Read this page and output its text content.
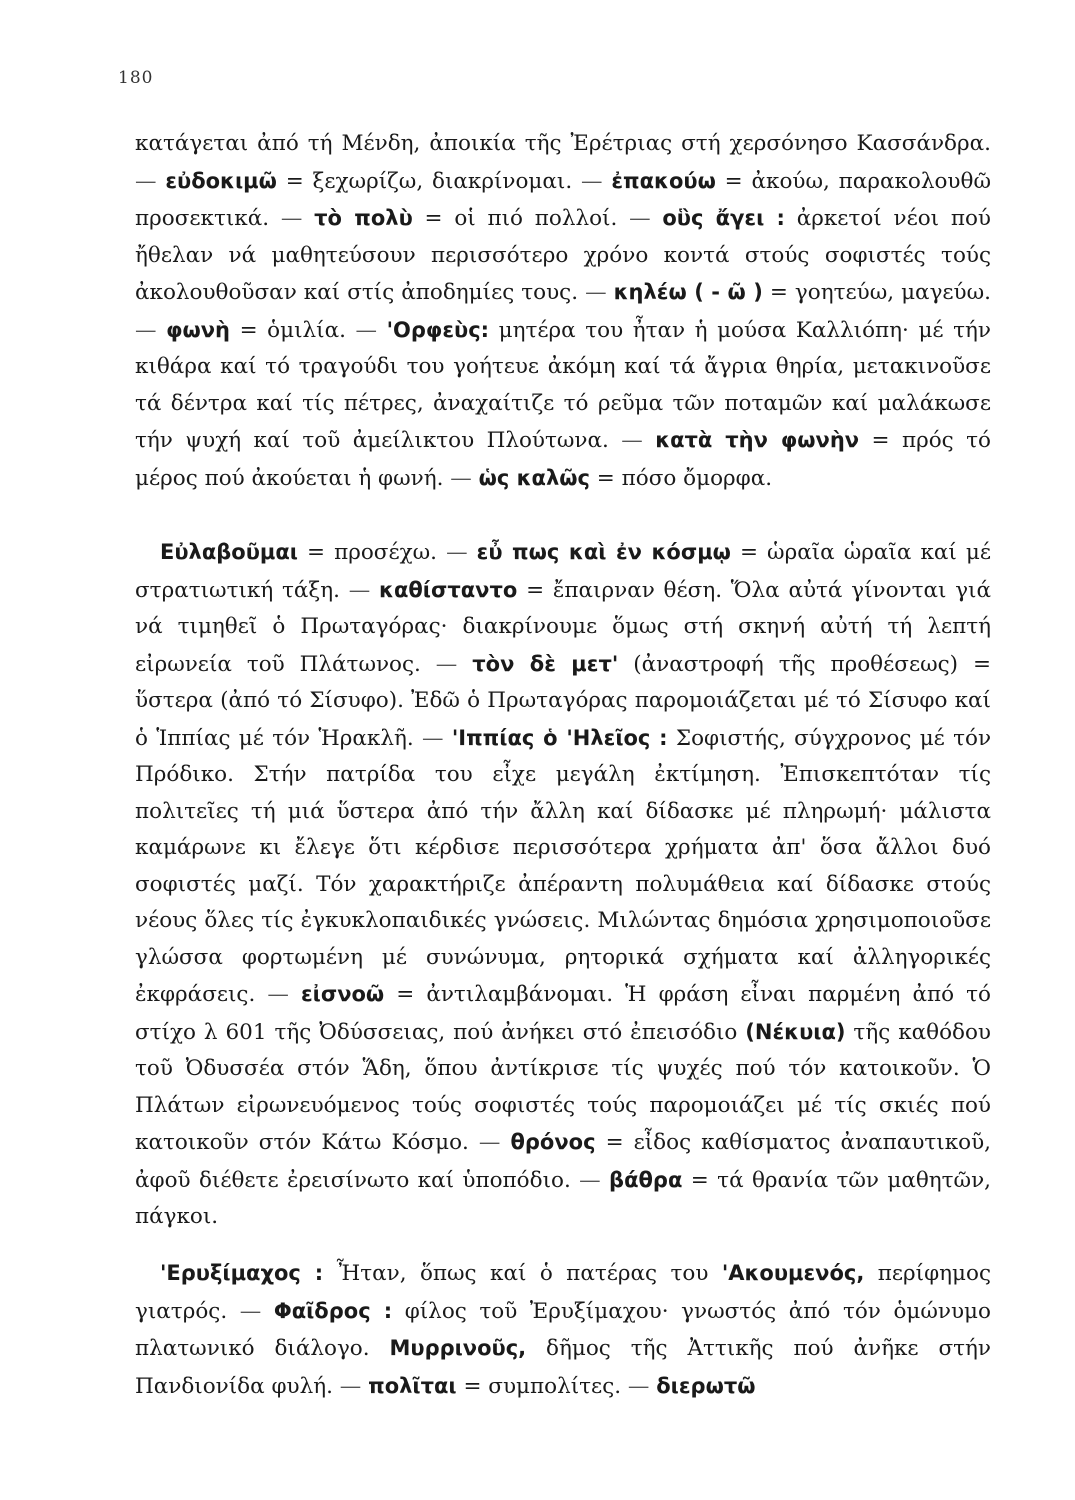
180
κατάγεται ἀπό τή Μένδη, ἀποικία τῆς Ἐρέτριας στή χερσόνησο Κασσάνδρα. — εὐδοκιμῶ = ξεχωρίζω, διακρίνομαι. — ἐπακούω = ἀκούω, παρακολουθῶ προσεκτικά. — τὸ πολὺ = οἱ πιό πολλοί. — οὓς ἄγει : ἀρκετοί νέοι πού ἤθελαν νά μαθητεύσουν περισσότερο χρόνο κοντά στούς σοφιστές τούς ἀκολουθοῦσαν καί στίς ἀποδημίες τους. — κηλέω ( - ῶ ) = γοητεύω, μαγεύω. — φωνὴ = ὁμιλία. — 'Ορφεὺς: μητέρα του ἦταν ἡ μούσα Καλλιόπη· μέ τήν κιθάρα καί τό τραγούδι του γοήτευε ἀκόμη καί τά ἄγρια θηρία, μετακινοῦσε τά δέντρα καί τίς πέτρες, ἀναχαίτιζε τό ρεῦμα τῶν ποταμῶν καί μαλάκωσε τήν ψυχή καί τοῦ ἀμείλικτου Πλούτωνα. — κατὰ τὴν φωνὴν = πρός τό μέρος πού ἀκούεται ἡ φωνή. — ὡς καλῶς = πόσο ὄμορφα.
Εὐλαβοῦμαι = προσέχω. — εὖ πως καὶ ἐν κόσμῳ = ὡραῖα ὡραῖα καί μέ στρατιωτική τάξη. — καθίσταντο = ἔπαιρναν θέση. Ὅλα αὐτά γίνονται γιά νά τιμηθεῖ ὁ Πρωταγόρας· διακρίνουμε ὅμως στή σκηνή αὐτή τή λεπτή εἰρωνεία τοῦ Πλάτωνος. — τὸν δὲ μετ' (ἀναστροφή τῆς προθέσεως) = ὕστερα (ἀπό τό Σίσυφο). Ἐδῶ ὁ Πρωταγόρας παρομοιάζεται μέ τό Σίσυφο καί ὁ Ἱππίας μέ τόν Ἡρακλῆ. — 'Ιππίας ὁ 'Ηλεῖος : Σοφιστής, σύγχρονος μέ τόν Πρόδικο. Στήν πατρίδα του εἶχε μεγάλη ἐκτίμηση. Ἐπισκεπτόταν τίς πολιτεῖες τή μιά ὕστερα ἀπό τήν ἄλλη καί δίδασκε μέ πληρωμή· μάλιστα καμάρωνε κι ἔλεγε ὅτι κέρδισε περισσότερα χρήματα ἀπ' ὅσα ἄλλοι δυό σοφιστές μαζί. Τόν χαρακτήριζε ἀπέραντη πολυμάθεια καί δίδασκε στούς νέους ὅλες τίς ἐγκυκλοπαιδικές γνώσεις. Μιλώντας δημόσια χρησιμοποιοῦσε γλώσσα φορτωμένη μέ συνώνυμα, ρητορικά σχήματα καί ἀλληγορικές ἐκφράσεις. — εἰσνοῶ = ἀντιλαμβάνομαι. Ἡ φράση εἶναι παρμένη ἀπό τό στίχο λ 601 τῆς Ὀδύσσειας, πού ἀνήκει στό ἐπεισόδιο (Νέκυια) τῆς καθόδου τοῦ Ὀδυσσέα στόν Ἅδη, ὅπου ἀντίκρισε τίς ψυχές πού τόν κατοικοῦν. Ὁ Πλάτων εἰρωνευόμενος τούς σοφιστές τούς παρομοιάζει μέ τίς σκιές πού κατοικοῦν στόν Κάτω Κόσμο. — θρόνος = εἶδος καθίσματος ἀναπαυτικοῦ, ἀφοῦ διέθετε ἐρεισίνωτο καί ὑποπόδιο. — βάθρα = τά θρανία τῶν μαθητῶν, πάγκοι.
'Ερυξίμαχος : Ἦταν, ὅπως καί ὁ πατέρας του 'Ακουμενός, περίφημος γιατρός. — Φαῖδρος : φίλος τοῦ Ἐρυξίμαχου· γνωστός ἀπό τόν ὁμώνυμο πλατωνικό διάλογο. Μυρρινοῦς, δῆμος τῆς Ἀττικῆς πού ἀνῆκε στήν Πανδιονίδα φυλή. — πολῖται = συμπολίτες. — διερωτῶ
